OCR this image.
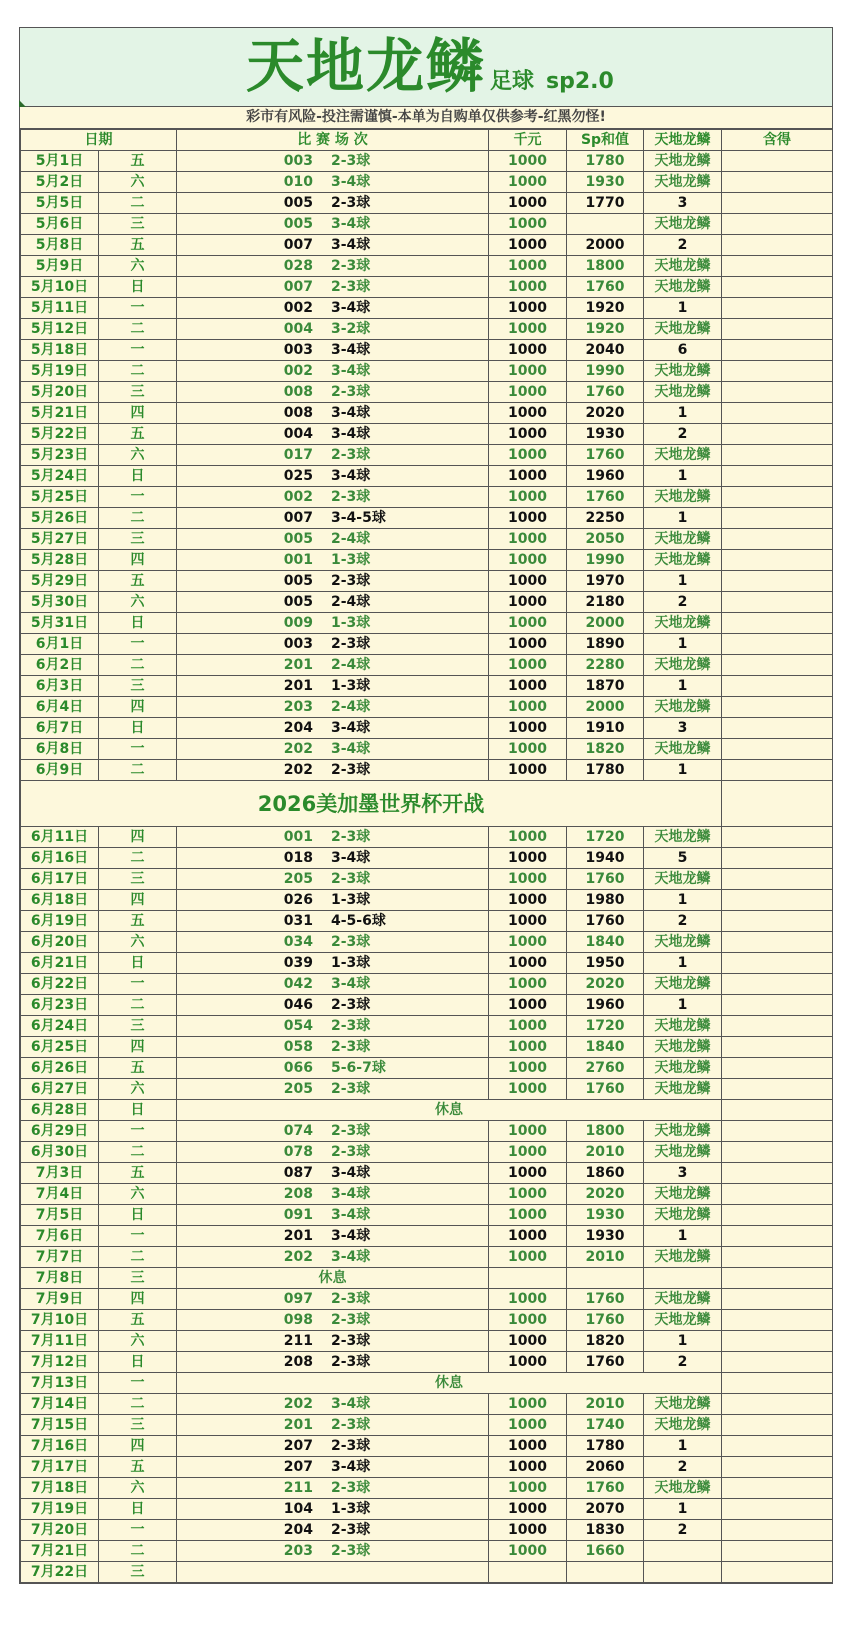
天地龙鳞 足球 sp2.0
彩市有风险-投注需谨慎-本单为自购单仅供参考-红黑勿怪!
日期		比 赛 场 次	千元	Sp和值	天地龙鳞	含得
5月1日	五	003 2-3球	1000	1780	天地龙鳞	
5月2日	六	010 3-4球	1000	1930	天地龙鳞	
5月5日	二	005 2-3球	1000	1770	3	
5月6日	三	005 3-4球	1000		天地龙鳞	
5月8日	五	007 3-4球	1000	2000	2	
5月9日	六	028 2-3球	1000	1800	天地龙鳞	
5月10日	日	007 2-3球	1000	1760	天地龙鳞	
5月11日	一	002 3-4球	1000	1920	1	
5月12日	二	004 3-2球	1000	1920	天地龙鳞	
5月18日	一	003 3-4球	1000	2040	6	
5月19日	二	002 3-4球	1000	1990	天地龙鳞	
5月20日	三	008 2-3球	1000	1760	天地龙鳞	
5月21日	四	008 3-4球	1000	2020	1	
5月22日	五	004 3-4球	1000	1930	2	
5月23日	六	017 2-3球	1000	1760	天地龙鳞	
5月24日	日	025 3-4球	1000	1960	1	
5月25日	一	002 2-3球	1000	1760	天地龙鳞	
5月26日	二	007 3-4-5球	1000	2250	1	
5月27日	三	005 2-4球	1000	2050	天地龙鳞	
5月28日	四	001 1-3球	1000	1990	天地龙鳞	
5月29日	五	005 2-3球	1000	1970	1	
5月30日	六	005 2-4球	1000	2180	2	
5月31日	日	009 1-3球	1000	2000	天地龙鳞	
6月1日	一	003 2-3球	1000	1890	1	
6月2日	二	201 2-4球	1000	2280	天地龙鳞	
6月3日	三	201 1-3球	1000	1870	1	
6月4日	四	203 2-4球	1000	2000	天地龙鳞	
6月7日	日	204 3-4球	1000	1910	3	
6月8日	一	202 3-4球	1000	1820	天地龙鳞	
6月9日	二	202 2-3球	1000	1780	1	
2026美加墨世界杯开战						
6月11日	四	001 2-3球	1000	1720	天地龙鳞	
6月16日	二	018 3-4球	1000	1940	5	
6月17日	三	205 2-3球	1000	1760	天地龙鳞	
6月18日	四	026 1-3球	1000	1980	1	
6月19日	五	031 4-5-6球	1000	1760	2	
6月20日	六	034 2-3球	1000	1840	天地龙鳞	
6月21日	日	039 1-3球	1000	1950	1	
6月22日	一	042 3-4球	1000	2020	天地龙鳞	
6月23日	二	046 2-3球	1000	1960	1	
6月24日	三	054 2-3球	1000	1720	天地龙鳞	
6月25日	四	058 2-3球	1000	1840	天地龙鳞	
6月26日	五	066 5-6-7球	1000	2760	天地龙鳞	
6月27日	六	205 2-3球	1000	1760	天地龙鳞	
6月28日	日	休息				
6月29日	一	074 2-3球	1000	1800	天地龙鳞	
6月30日	二	078 2-3球	1000	2010	天地龙鳞	
7月3日	五	087 3-4球	1000	1860	3	
7月4日	六	208 3-4球	1000	2020	天地龙鳞	
7月5日	日	091 3-4球	1000	1930	天地龙鳞	
7月6日	一	201 3-4球	1000	1930	1	
7月7日	二	202 3-4球	1000	2010	天地龙鳞	
7月8日	三	休息				
7月9日	四	097 2-3球	1000	1760	天地龙鳞	
7月10日	五	098 2-3球	1000	1760	天地龙鳞	
7月11日	六	211 2-3球	1000	1820	1	
7月12日	日	208 2-3球	1000	1760	2	
7月13日	一	休息				
7月14日	二	202 3-4球	1000	2010	天地龙鳞	
7月15日	三	201 2-3球	1000	1740	天地龙鳞	
7月16日	四	207 2-3球	1000	1780	1	
7月17日	五	207 3-4球	1000	2060	2	
7月18日	六	211 2-3球	1000	1760	天地龙鳞	
7月19日	日	104 1-3球	1000	2070	1	
7月20日	一	204 2-3球	1000	1830	2	
7月21日	二	203 2-3球	1000	1660		
7月22日	三					
